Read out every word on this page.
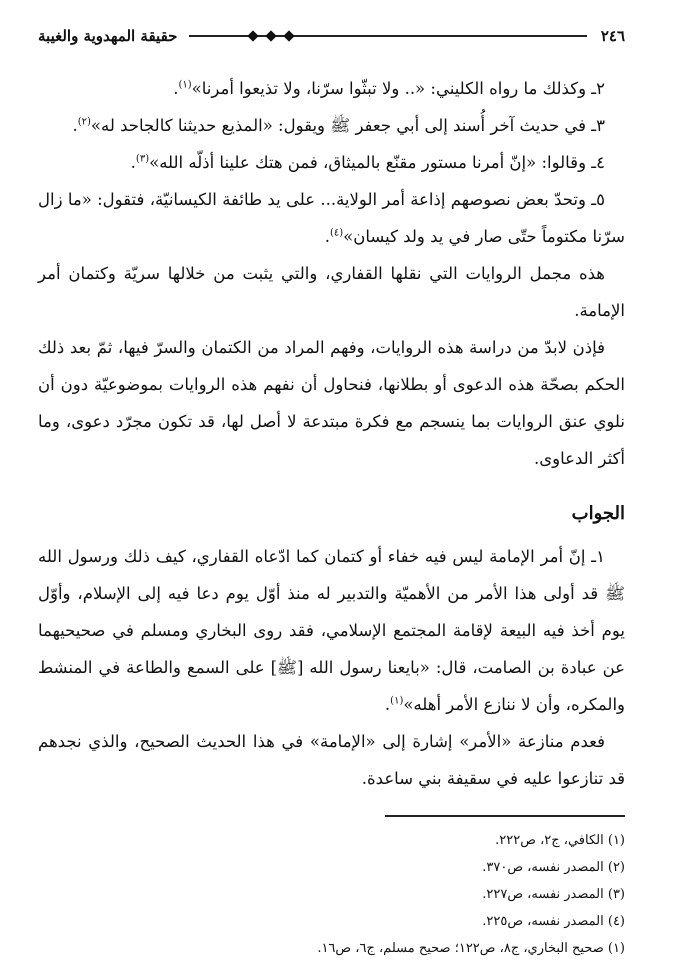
٢٤٦
حقيقة المهدوية والغيبة

٢ـ وكذلك ما رواه الكليني: «.. ولا تبثّوا سرّنا، ولا تذيعوا أمرنا»$^{(١)}$.

٣ـ في حديث آخر أُسند إلى أبي جعفر ﷺ ويقول: «المذيع حديثنا كالجاحد له»$^{(٢)}$.

٤ـ وقالوا: «إنّ أمرنا مستور مقنّع بالميثاق، فمن هتك علينا أذلّه الله»$^{(٣)}$.

٥ـ وتحدّ بعض نصوصهم إذاعة أمر الولاية... على يد طائفة الكيسانيّة، فتقول: «ما زال سرّنا مكتوماً حتّى صار في يد ولد كيسان»$^{(٤)}$.

هذه مجمل الروايات التي نقلها القفاري، والتي يثبت من خلالها سريّة وكتمان أمر الإمامة.

فإذن لابدّ من دراسة هذه الروايات، وفهم المراد من الكتمان والسرّ فيها، ثمّ بعد ذلك الحكم بصحّة هذه الدعوى أو بطلانها، فنحاول أن نفهم هذه الروايات بموضوعيّة دون أن نلوي عنق الروايات بما ينسجم مع فكرة مبتدعة لا أصل لها، قد تكون مجرّد دعوى، وما أكثر الدعاوى.

الجواب

١ـ إنّ أمر الإمامة ليس فيه خفاء أو كتمان كما ادّعاه القفاري، كيف ذلك ورسول الله ﷺ قد أولى هذا الأمر من الأهميّة والتدبير له منذ أوّل يوم دعا فيه إلى الإسلام، وأوّل يوم أخذ فيه البيعة لإقامة المجتمع الإسلامي، فقد روى البخاري ومسلم في صحيحيهما عن عبادة بن الصامت، قال: «بايعنا رسول الله [ﷺ] على السمع والطاعة في المنشط والمكره، وأن لا ننازع الأمر أهله»$^{(١)}$.

فعدم منازعة «الأمر» إشارة إلى «الإمامة» في هذا الحديث الصحيح، والذي نجدهم قد تنازعوا عليه في سقيفة بني ساعدة.

(١) الكافي، ج٢، ص٢٢٢.

(٢) المصدر نفسه، ص٣٧٠.

(٣) المصدر نفسه، ص٢٢٧.

(٤) المصدر نفسه، ص٢٢٥.

(١) صحيح البخاري، ج٨، ص١٢٢؛ صحيح مسلم، ج٦، ص١٦.
